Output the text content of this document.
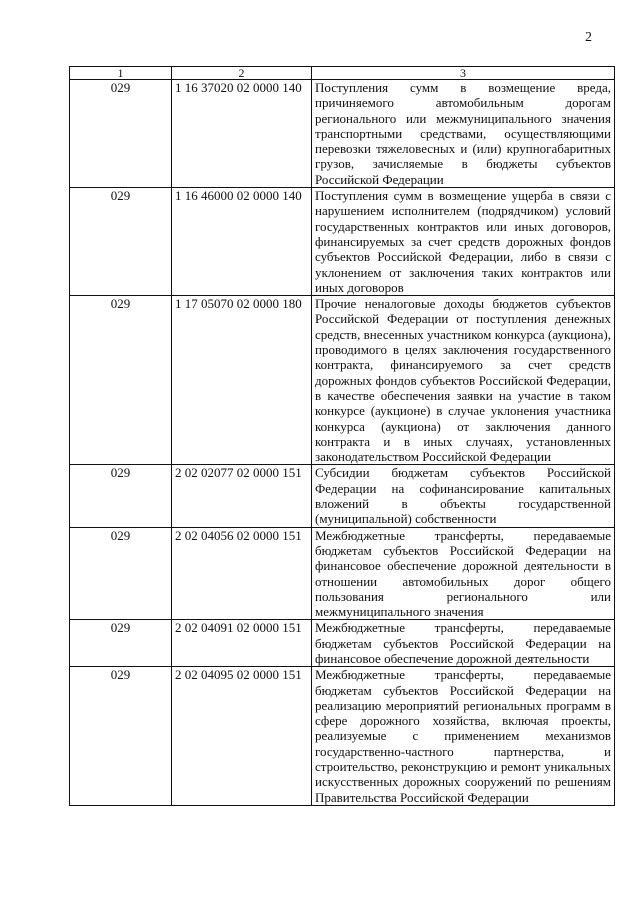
2
1	2	3
029	1 16 37020 02 0000 140	Поступления сумм в возмещение вреда, причиняемого автомобильным дорогам регионального или межмуниципального значения транспортными средствами, осуществляющими перевозки тяжеловесных и (или) крупногабаритных грузов, зачисляемые в бюджеты субъектов Российской Федерации
029	1 16 46000 02 0000 140	Поступления сумм в возмещение ущерба в связи с нарушением исполнителем (подрядчиком) условий государственных контрактов или иных договоров, финансируемых за счет средств дорожных фондов субъектов Российской Федерации, либо в связи с уклонением от заключения таких контрактов или иных договоров
029	1 17 05070 02 0000 180	Прочие неналоговые доходы бюджетов субъектов Российской Федерации от поступления денежных средств, внесенных участником конкурса (аукциона), проводимого в целях заключения государственного контракта, финансируемого за счет средств дорожных фондов субъектов Российской Федерации, в качестве обеспечения заявки на участие в таком конкурсе (аукционе) в случае уклонения участника конкурса (аукциона) от заключения данного контракта и в иных случаях, установленных законодательством Российской Федерации
029	2 02 02077 02 0000 151	Субсидии бюджетам субъектов Российской Федерации на софинансирование капитальных вложений в объекты государственной (муниципальной) собственности
029	2 02 04056 02 0000 151	Межбюджетные трансферты, передаваемые бюджетам субъектов Российской Федерации на финансовое обеспечение дорожной деятельности в отношении автомобильных дорог общего пользования регионального или межмуниципального значения
029	2 02 04091 02 0000 151	Межбюджетные трансферты, передаваемые бюджетам субъектов Российской Федерации на финансовое обеспечение дорожной деятельности
029	2 02 04095 02 0000 151	Межбюджетные трансферты, передаваемые бюджетам субъектов Российской Федерации на реализацию мероприятий региональных программ в сфере дорожного хозяйства, включая проекты, реализуемые с применением механизмов государственно-частного партнерства, и строительство, реконструкцию и ремонт уникальных искусственных дорожных сооружений по решениям Правительства Российской Федерации
